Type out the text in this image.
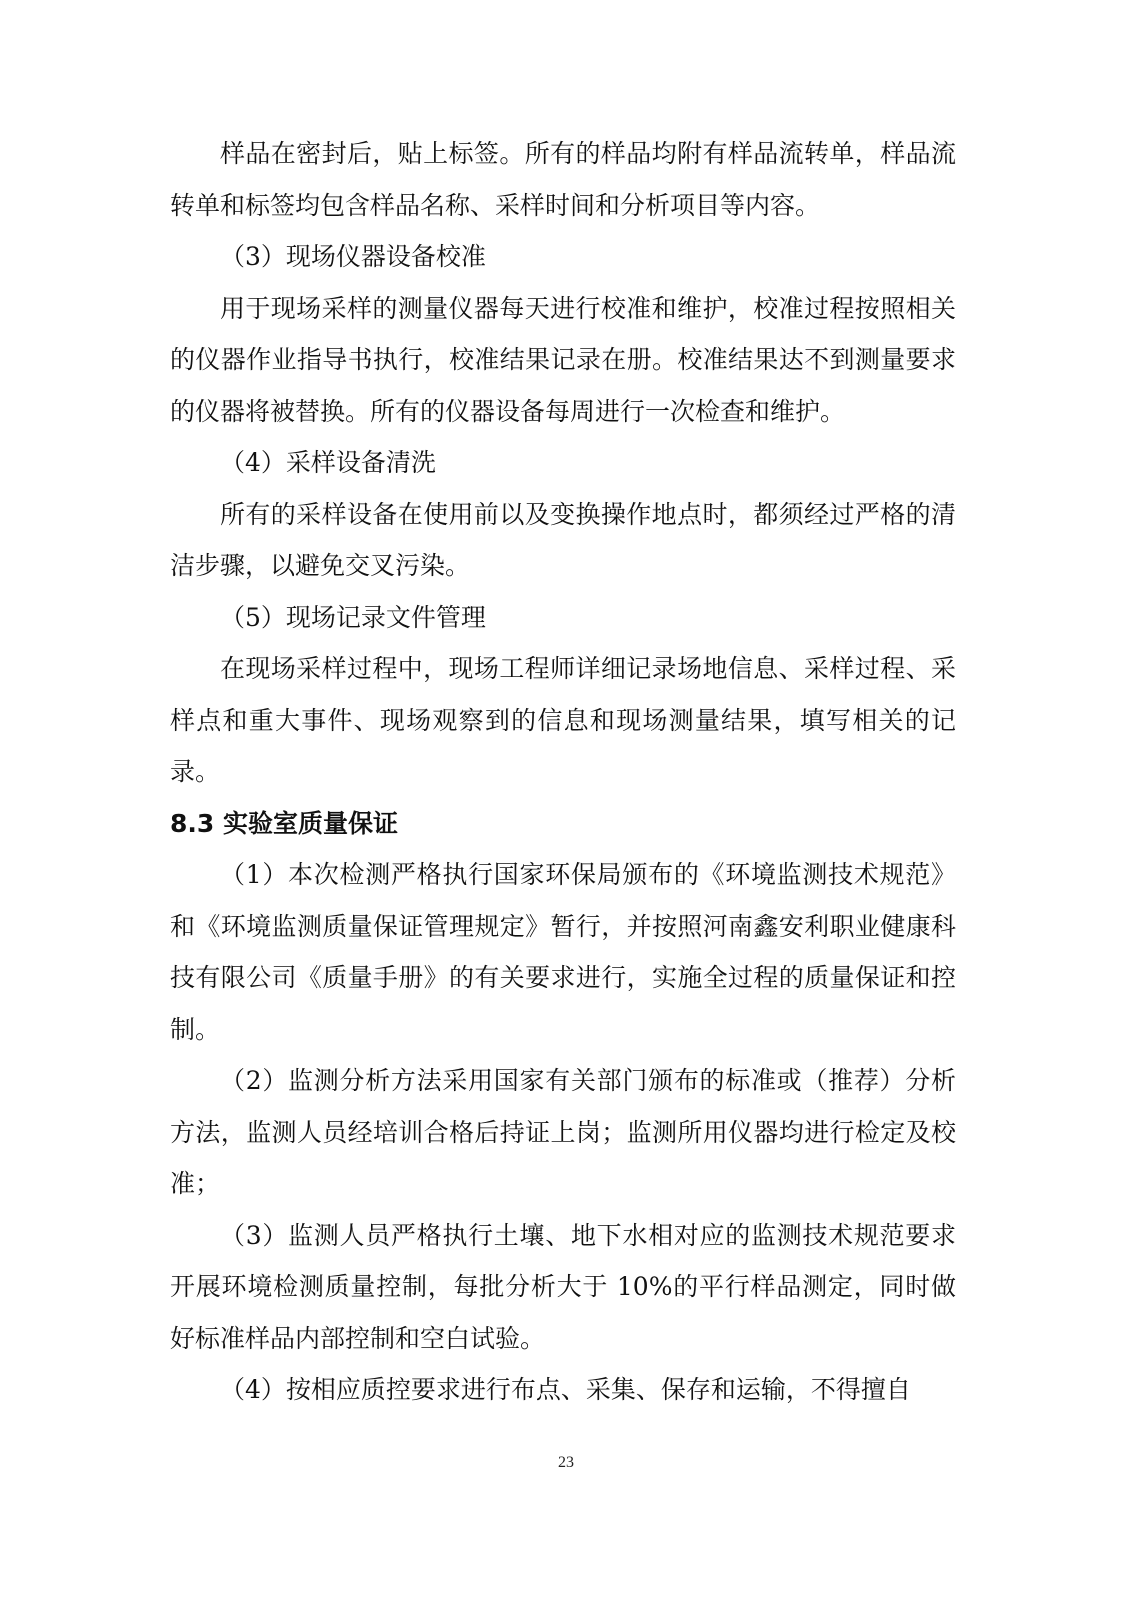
样品在密封后，贴上标签。所有的样品均附有样品流转单，样品流转单和标签均包含样品名称、采样时间和分析项目等内容。

（3）现场仪器设备校准

用于现场采样的测量仪器每天进行校准和维护，校准过程按照相关的仪器作业指导书执行，校准结果记录在册。校准结果达不到测量要求的仪器将被替换。所有的仪器设备每周进行一次检查和维护。

（4）采样设备清洗

所有的采样设备在使用前以及变换操作地点时，都须经过严格的清洁步骤，以避免交叉污染。

（5）现场记录文件管理

在现场采样过程中，现场工程师详细记录场地信息、采样过程、采样点和重大事件、现场观察到的信息和现场测量结果，填写相关的记录。

8.3 实验室质量保证

（1）本次检测严格执行国家环保局颁布的《环境监测技术规范》和《环境监测质量保证管理规定》暂行，并按照河南鑫安利职业健康科技有限公司《质量手册》的有关要求进行，实施全过程的质量保证和控制。

（2）监测分析方法采用国家有关部门颁布的标准或（推荐）分析方法，监测人员经培训合格后持证上岗；监测所用仪器均进行检定及校准；

（3）监测人员严格执行土壤、地下水相对应的监测技术规范要求开展环境检测质量控制，每批分析大于 10%的平行样品测定，同时做好标准样品内部控制和空白试验。

（4）按相应质控要求进行布点、采集、保存和运输，不得擅自

23
